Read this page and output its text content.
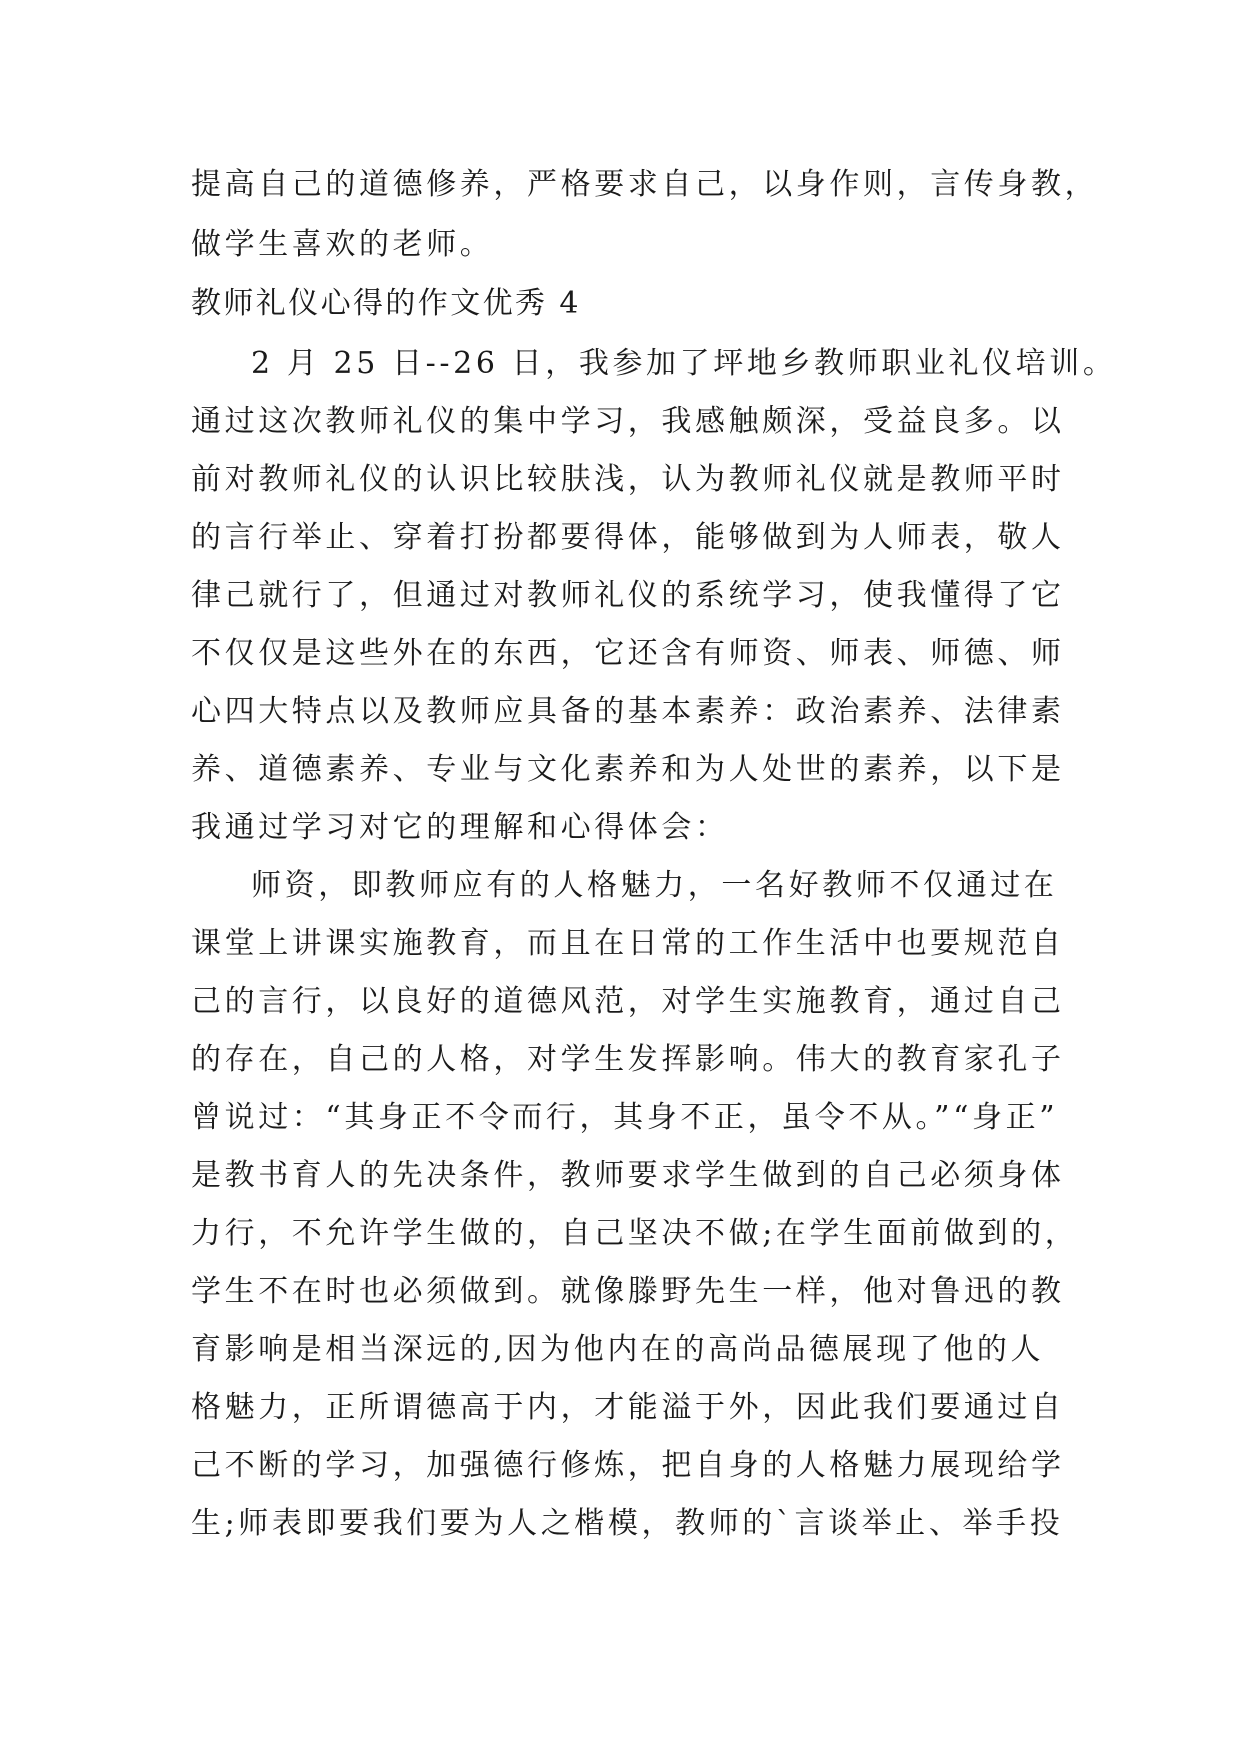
提高自己的道德修养，严格要求自己，以身作则，言传身教，

做学生喜欢的老师。

教师礼仪心得的作文优秀 4

2 月 25 日--26 日，我参加了坪地乡教师职业礼仪培训。

通过这次教师礼仪的集中学习，我感触颇深，受益良多。以

前对教师礼仪的认识比较肤浅，认为教师礼仪就是教师平时

的言行举止、穿着打扮都要得体，能够做到为人师表，敬人

律己就行了，但通过对教师礼仪的系统学习，使我懂得了它

不仅仅是这些外在的东西，它还含有师资、师表、师德、师

心四大特点以及教师应具备的基本素养：政治素养、法律素

养、道德素养、专业与文化素养和为人处世的素养，以下是

我通过学习对它的理解和心得体会：

师资，即教师应有的人格魅力，一名好教师不仅通过在

课堂上讲课实施教育，而且在日常的工作生活中也要规范自

己的言行，以良好的道德风范，对学生实施教育，通过自己

的存在，自己的人格，对学生发挥影响。伟大的教育家孔子

曾说过：“其身正不令而行，其身不正，虽令不从。”“身正”

是教书育人的先决条件，教师要求学生做到的自己必须身体

力行，不允许学生做的，自己坚决不做;在学生面前做到的，

学生不在时也必须做到。就像滕野先生一样，他对鲁迅的教

育影响是相当深远的,因为他内在的高尚品德展现了他的人

格魅力，正所谓德高于内，才能溢于外，因此我们要通过自

己不断的学习，加强德行修炼，把自身的人格魅力展现给学

生;师表即要我们要为人之楷模，教师的`言谈举止、举手投
